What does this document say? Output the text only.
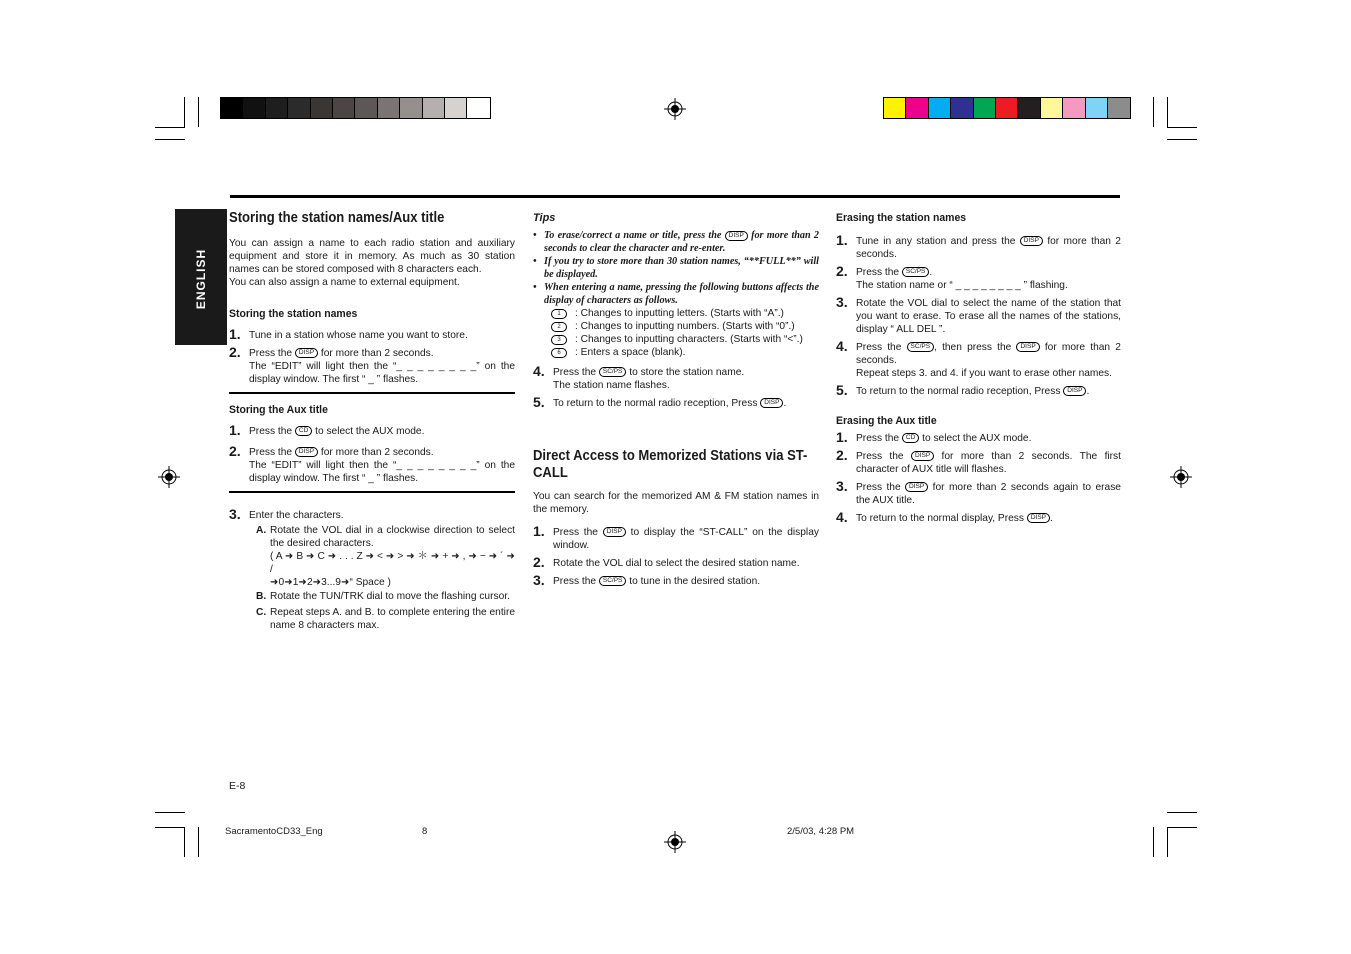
ENGLISH
Storing the station names/Aux title
You can assign a name to each radio station and auxiliary equipment and store it in memory. As much as 30 station names can be stored composed with 8 characters each.
You can also assign a name to external equipment.
Storing the station names
1. Tune in a station whose name you want to store.
2. Press the DISP for more than 2 seconds.
The “EDIT” will light then the “_ _ _ _ _ _ _ _” on the display window. The first “ _ ” flashes.
Storing the Aux title
1. Press the CD to select the AUX mode.
2. Press the DISP for more than 2 seconds.
The “EDIT” will light then the “_ _ _ _ _ _ _ _” on the display window. The first “ _ ” flashes.
3. Enter the characters.
A. Rotate the VOL dial in a clockwise direction to select the desired characters.
( A ➜ B ➜ C ➜ . . . Z ➜ < ➜ > ➜ ＊ ➜ + ➜ , ➜ − ➜ ´ ➜ /
➜0➜1➜2➜3...9➜“ Space )
B. Rotate the TUN/TRK dial to move the flashing cursor.
C. Repeat steps A. and B. to complete entering the entire name 8 characters max.
Tips
• To erase/correct a name or title, press the DISP for more than 2 seconds to clear the character and re-enter.
• If you try to store more than 30 station names, “**FULL**” will be displayed.
• When entering a name, pressing the following buttons affects the display of characters as follows.
1	: Changes to inputting letters. (Starts with “A”.)
2	: Changes to inputting numbers. (Starts with “0”.)
3	: Changes to inputting characters. (Starts with “<”.)
6	: Enters a space (blank).
4. Press the SC/PS to store the station name.
The station name flashes.
5. To return to the normal radio reception, Press DISP .
Direct Access to Memorized Stations via ST-CALL
You can search for the memorized AM & FM station names in the memory.
1. Press the DISP to display the “ST-CALL” on the display window.
2. Rotate the VOL dial to select the desired station name.
3. Press the SC/PS to tune in the desired station.
Erasing the station names
1. Tune in any station and press the DISP for more than 2 seconds.
2. Press the SC/PS .
The station name or “ _ _ _ _ _ _ _ _ ” flashing.
3. Rotate the VOL dial to select the name of the station that you want to erase. To erase all the names of the stations, display “ ALL DEL ”.
4. Press the SC/PS , then press the DISP for more than 2 seconds.
Repeat steps 3. and 4. if you want to erase other names.
5. To return to the normal radio reception, Press DISP .
Erasing the Aux title
1. Press the CD to select the AUX mode.
2. Press the DISP for more than 2 seconds. The first character of AUX title will flashes.
3. Press the DISP for more than 2 seconds again to erase the AUX title.
4. To return to the normal display, Press DISP .
E-8
SacramentoCD33_Eng	8	2/5/03, 4:28 PM
